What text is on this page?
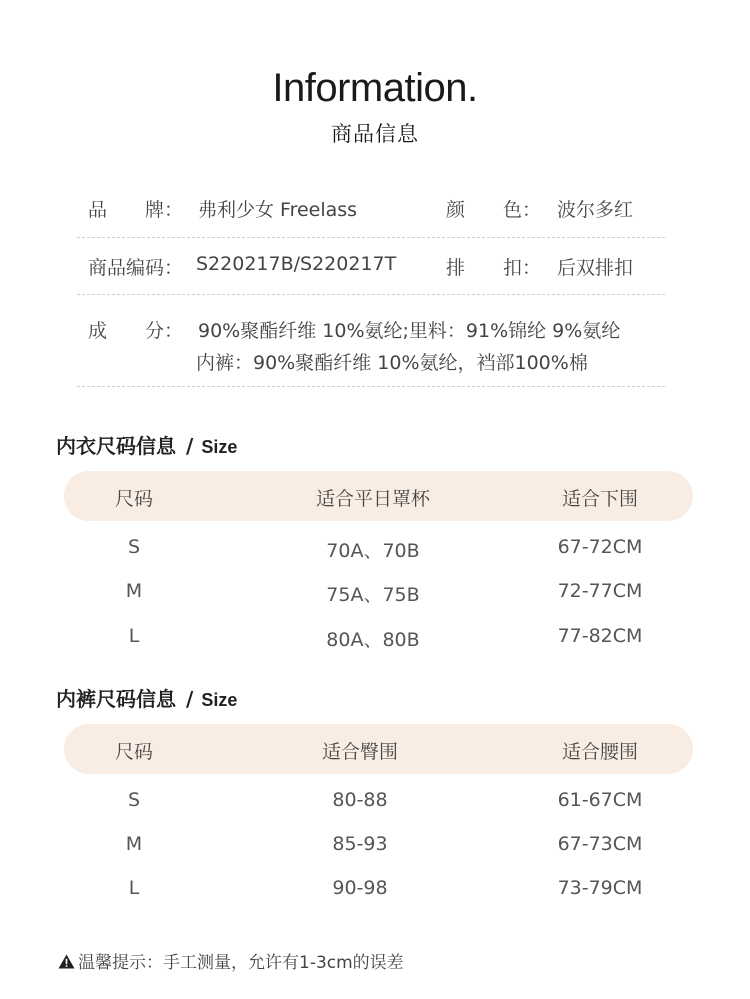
Information.
商品信息
品　　牌： 弗利少女 Freelass	颜　　色： 波尔多红
商品编码： S220217B/S220217T	排　　扣： 后双排扣
成　　分： 90%聚酯纤维 10%氨纶;里料：91%锦纶 9%氨纶
内裤：90%聚酯纤维 10%氨纶，裆部100%棉
内衣尺码信息 / Size
尺码	适合平日罩杯	适合下围
S	70A、70B	67-72CM
M	75A、75B	72-77CM
L	80A、80B	77-82CM
内裤尺码信息 / Size
尺码	适合臀围	适合腰围
S	80-88	61-67CM
M	85-93	67-73CM
L	90-98	73-79CM
温馨提示：手工测量，允许有1-3cm的误差
